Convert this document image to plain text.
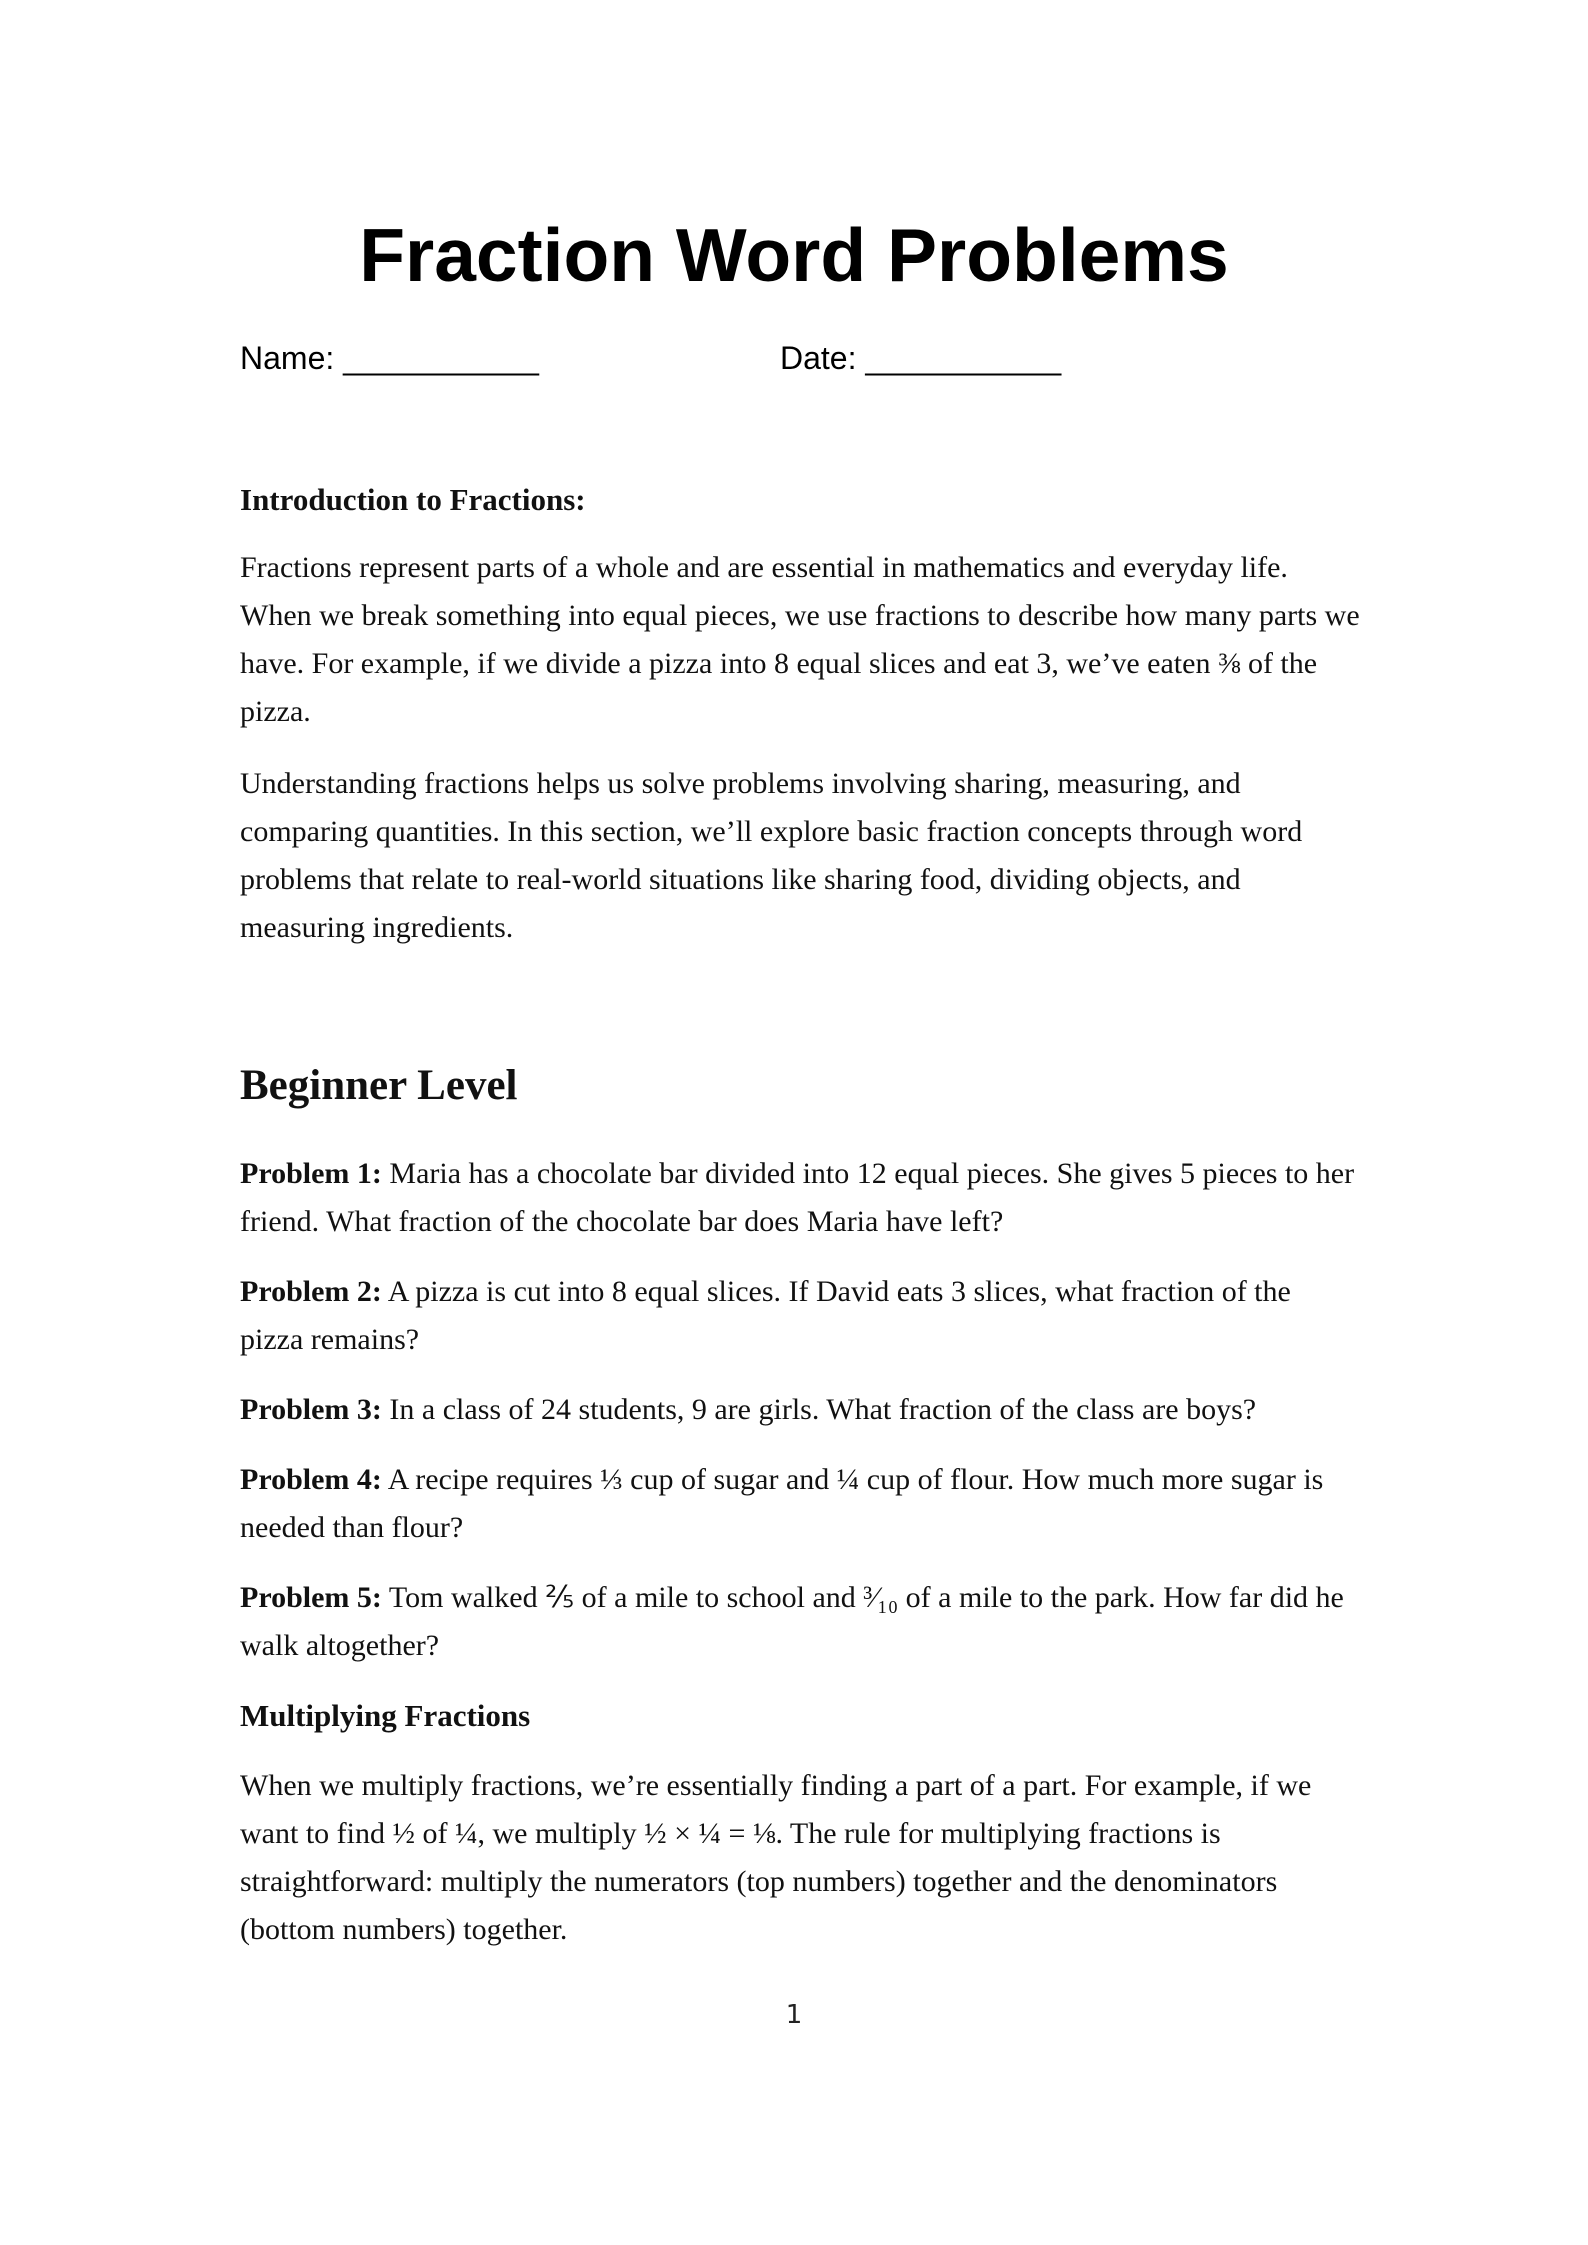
Fraction Word Problems
Name: ___________	Date: ___________

Introduction to Fractions:

Fractions represent parts of a whole and are essential in mathematics and everyday life. When we break something into equal pieces, we use fractions to describe how many parts we have. For example, if we divide a pizza into 8 equal slices and eat 3, we’ve eaten ⅜ of the pizza.

Understanding fractions helps us solve problems involving sharing, measuring, and comparing quantities. In this section, we’ll explore basic fraction concepts through word problems that relate to real-world situations like sharing food, dividing objects, and measuring ingredients.

Beginner Level

Problem 1: Maria has a chocolate bar divided into 12 equal pieces. She gives 5 pieces to her friend. What fraction of the chocolate bar does Maria have left?

Problem 2: A pizza is cut into 8 equal slices. If David eats 3 slices, what fraction of the pizza remains?

Problem 3: In a class of 24 students, 9 are girls. What fraction of the class are boys?

Problem 4: A recipe requires ⅓ cup of sugar and ¼ cup of flour. How much more sugar is needed than flour?

Problem 5: Tom walked ⅖ of a mile to school and ³⁄₁₀ of a mile to the park. How far did he walk altogether?

Multiplying Fractions

When we multiply fractions, we’re essentially finding a part of a part. For example, if we want to find ½ of ¼, we multiply ½ × ¼ = ⅛. The rule for multiplying fractions is straightforward: multiply the numerators (top numbers) together and the denominators (bottom numbers) together.

1
